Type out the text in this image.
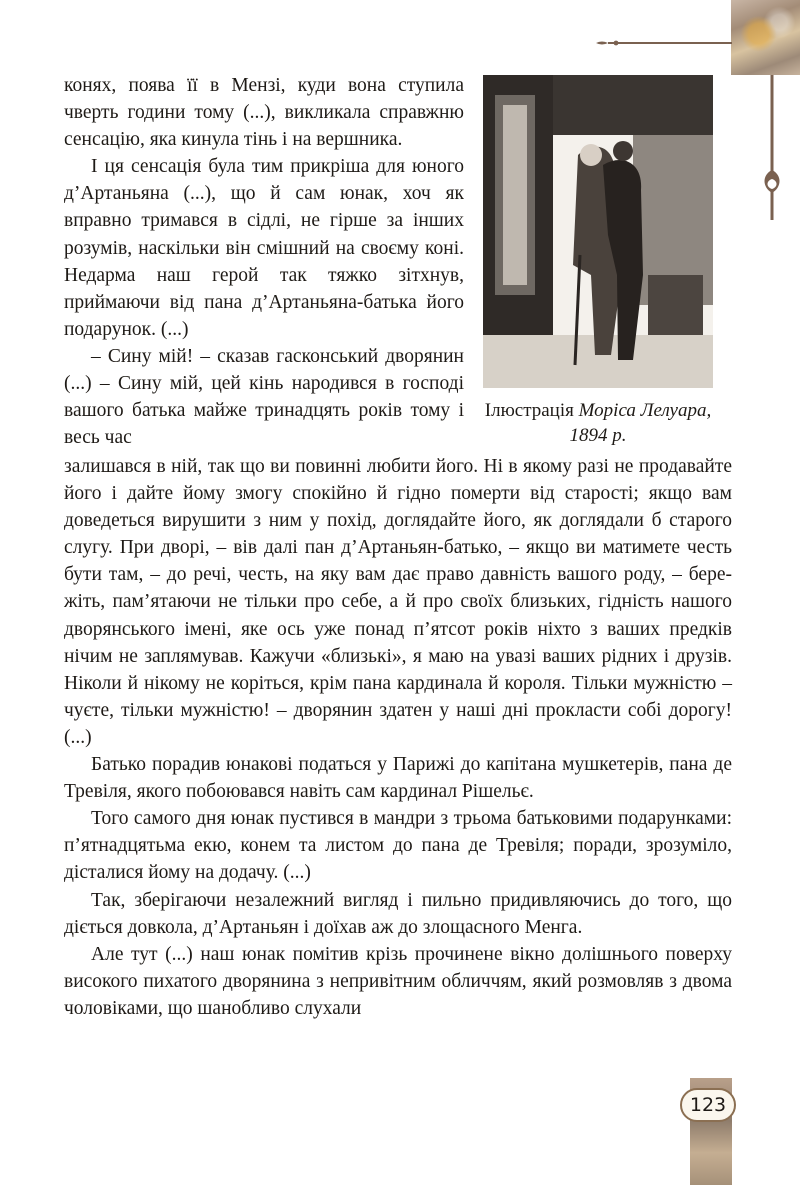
123
Ілюстрація Моріса Лелуара, 1894 р.

конях, поява її в Мензі, куди вона ступила чверть години тому (...), викликала справжню сенсацію, яка кинула тінь і на вершника.

І ця сенсація була тим прикріша для юного д’Артаньяна (...), що й сам юнак, хоч як вправно тримався в сідлі, не гірше за інших розумів, наскільки він смішний на своєму коні. Недарма наш герой так тяжко зітхнув, приймаючи від пана д’Артаньяна-батька його подарунок. (...)

– Сину мій! – сказав гасконський дворянин (...) – Сину мій, цей кінь народився в господі вашого батька майже тринадцять років тому і весь час

залишався в ній, так що ви повинні любити його. Ні в якому разі не продавайте його і дайте йому змогу спокійно й гідно померти від старості; якщо вам доведеться вирушити з ним у похід, доглядайте його, як доглядали б старого слугу. При дворі, – вів далі пан д’Артаньян-батько, – якщо ви матимете честь бути там, – до речі, честь, на яку вам дає право давність вашого роду, – бережіть, пам’ятаючи не тільки про себе, а й про своїх близьких, гідність нашого дворянського імені, яке ось уже понад п’ятсот років ніхто з ваших предків нічим не заплямував. Кажучи «близькі», я маю на увазі ваших рідних і друзів. Ніколи й нікому не коріться, крім пана кардинала й короля. Тільки мужністю – чуєте, тільки мужністю! – дворянин здатен у наші дні прокласти собі дорогу! (...)

Батько порадив юнакові податься у Парижі до капітана мушкетерів, пана де Тревіля, якого побоювався навіть сам кардинал Рішельє.

Того самого дня юнак пустився в мандри з трьома батьковими подарунками: п’ятнадцятьма екю, конем та листом до пана де Тревіля; поради, зрозуміло, дісталися йому на додачу. (...)

Так, зберігаючи незалежний вигляд і пильно придивляючись до того, що діється довкола, д’Артаньян і доїхав аж до злощасного Менга.

Але тут (...) наш юнак помітив крізь прочинене вікно долішнього поверху високого пихатого дворянина з непривітним обличчям, який розмовляв з двома чоловіками, що шанобливо слухали
